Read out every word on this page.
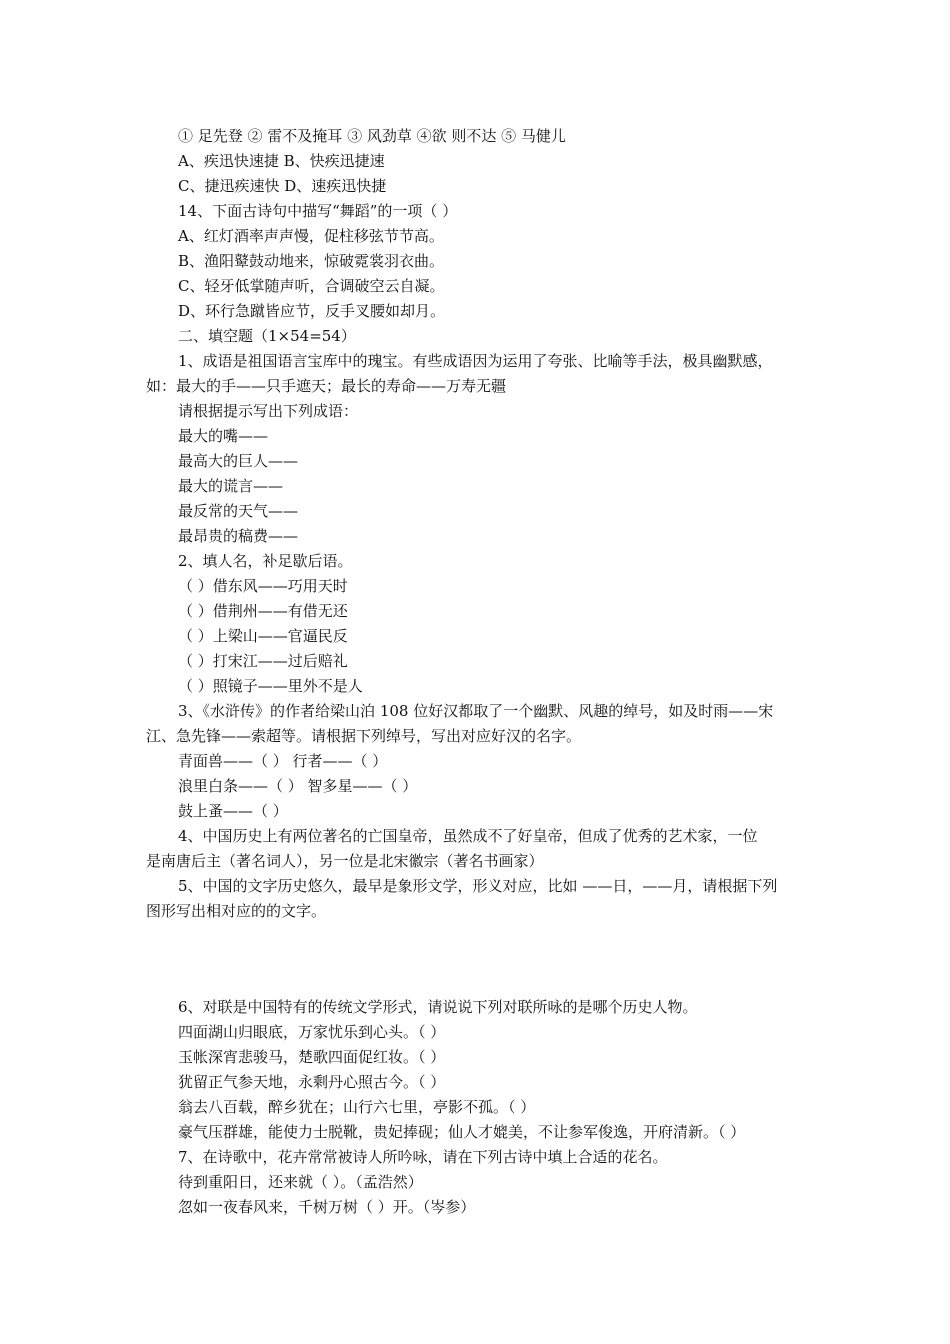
① 足先登 ② 雷不及掩耳 ③ 风劲草 ④欲 则不达 ⑤ 马健儿
A、疾迅快速捷 B、快疾迅捷速
C、捷迅疾速快 D、速疾迅快捷
14、下面古诗句中描写“舞蹈”的一项（ ）
A、红灯酒率声声慢，促柱移弦节节高。
B、渔阳鼙鼓动地来，惊破霓裳羽衣曲。
C、轻牙低掌随声听，合调破空云自凝。
D、环行急蹴皆应节，反手叉腰如却月。
二、填空题（1×54=54）
1、成语是祖国语言宝库中的瑰宝。有些成语因为运用了夸张、比喻等手法，极具幽默感，
如：最大的手——只手遮天；最长的寿命——万寿无疆
请根据提示写出下列成语：
最大的嘴——
最高大的巨人——
最大的谎言——
最反常的天气——
最昂贵的稿费——
2、填人名，补足歇后语。
（ ）借东风——巧用天时
（ ）借荆州——有借无还
（ ）上梁山——官逼民反
（ ）打宋江——过后赔礼
（ ）照镜子——里外不是人
3、《水浒传》的作者给梁山泊 108 位好汉都取了一个幽默、风趣的绰号，如及时雨——宋
江、急先锋——索超等。请根据下列绰号，写出对应好汉的名字。
青面兽——（ ） 行者——（ ）
浪里白条——（ ） 智多星——（ ）
鼓上蚤——（ ）
4、中国历史上有两位著名的亡国皇帝，虽然成不了好皇帝，但成了优秀的艺术家，一位
是南唐后主（著名词人），另一位是北宋徽宗（著名书画家）
5、中国的文字历史悠久，最早是象形文学，形义对应，比如 ——日，——月，请根据下列
图形写出相对应的的文字。
6、对联是中国特有的传统文学形式，请说说下列对联所咏的是哪个历史人物。
四面湖山归眼底，万家忧乐到心头。（ ）
玉帐深宵悲骏马，楚歌四面促红妆。（ ）
犹留正气参天地，永剩丹心照古今。（ ）
翁去八百载，醉乡犹在；山行六七里，亭影不孤。（ ）
豪气压群雄，能使力士脱靴，贵妃捧砚；仙人才媲美，不让参军俊逸，开府清新。（ ）
7、在诗歌中，花卉常常被诗人所吟咏，请在下列古诗中填上合适的花名。
待到重阳日，还来就（ ）。（孟浩然）
忽如一夜春风来，千树万树（ ）开。（岑参）
